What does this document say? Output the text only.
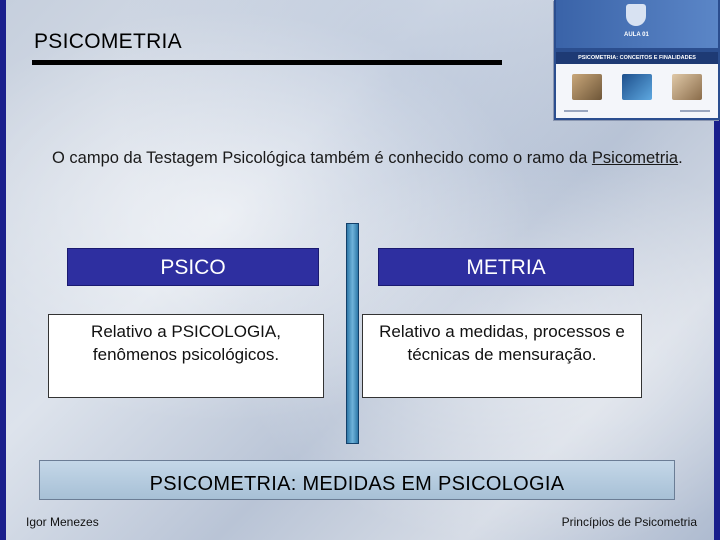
PSICOMETRIA	AULA 01
PSICOMETRIA: CONCEITOS E FINALIDADES
O campo da Testagem Psicológica também é conhecido como o ramo da Psicometria.
PSICO	METRIA
Relativo a PSICOLOGIA, fenômenos psicológicos.
Relativo a medidas, processos e técnicas de mensuração.
PSICOMETRIA: MEDIDAS EM PSICOLOGIA
Igor Menezes	Princípios de Psicometria
